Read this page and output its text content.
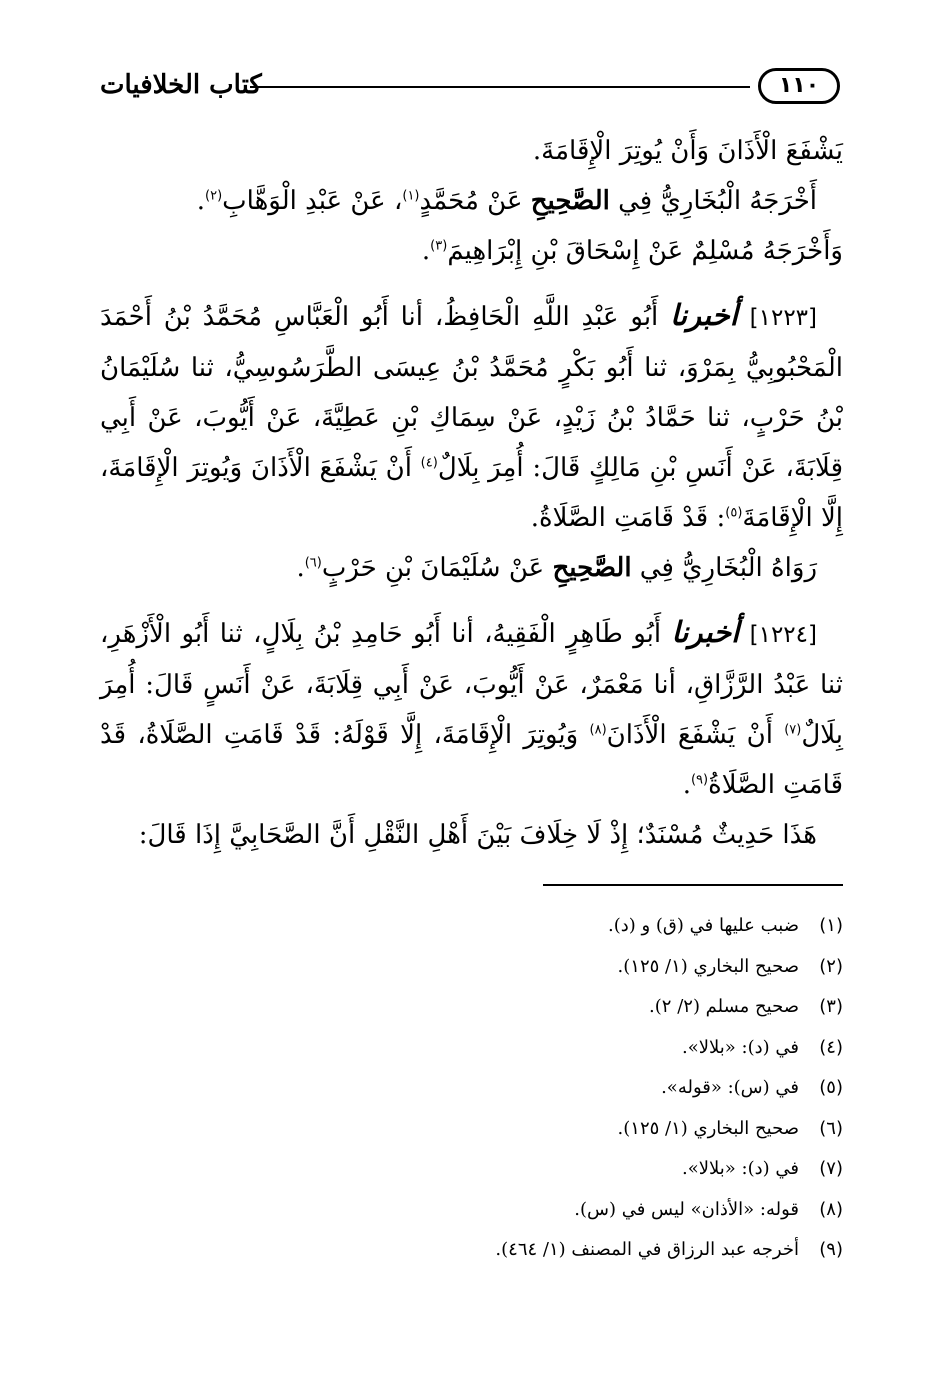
١١٠
كتاب الخلافيات

يَشْفَعَ الْأَذَانَ وَأَنْ يُوتِرَ الْإِقَامَةَ.

أَخْرَجَهُ الْبُخَارِيُّ فِي الصَّحِيحِ عَنْ مُحَمَّدٍ$^{(١)}$، عَنْ عَبْدِ الْوَهَّابِ$^{(٢)}$.

وَأَخْرَجَهُ مُسْلِمٌ عَنْ إِسْحَاقَ بْنِ إِبْرَاهِيمَ$^{(٣)}$.

[١٢٢٣] أخبرنا أَبُو عَبْدِ اللَّهِ الْحَافِظُ، أنا أَبُو الْعَبَّاسِ مُحَمَّدُ بْنُ أَحْمَدَ الْمَحْبُوبِيُّ بِمَرْوَ، ثنا أَبُو بَكْرٍ مُحَمَّدُ بْنُ عِيسَى الطَّرَسُوسِيُّ، ثنا سُلَيْمَانُ بْنُ حَرْبٍ، ثنا حَمَّادُ بْنُ زَيْدٍ، عَنْ سِمَاكِ بْنِ عَطِيَّةَ، عَنْ أَيُّوبَ، عَنْ أَبِي قِلَابَةَ، عَنْ أَنَسِ بْنِ مَالِكٍ قَالَ: أُمِرَ بِلَالٌ$^{(٤)}$ أَنْ يَشْفَعَ الْأَذَانَ وَيُوتِرَ الْإِقَامَةَ، إِلَّا الْإِقَامَةَ$^{(٥)}$: قَدْ قَامَتِ الصَّلَاةُ.

رَوَاهُ الْبُخَارِيُّ فِي الصَّحِيحِ عَنْ سُلَيْمَانَ بْنِ حَرْبٍ$^{(٦)}$.

[١٢٢٤] أخبرنا أَبُو طَاهِرٍ الْفَقِيهُ، أنا أَبُو حَامِدِ بْنُ بِلَالٍ، ثنا أَبُو الْأَزْهَرِ، ثنا عَبْدُ الرَّزَّاقِ، أنا مَعْمَرٌ، عَنْ أَيُّوبَ، عَنْ أَبِي قِلَابَةَ، عَنْ أَنَسٍ قَالَ: أُمِرَ بِلَالٌ$^{(٧)}$ أَنْ يَشْفَعَ الْأَذَانَ$^{(٨)}$ وَيُوتِرَ الْإِقَامَةَ، إِلَّا قَوْلَهُ: قَدْ قَامَتِ الصَّلَاةُ، قَدْ قَامَتِ الصَّلَاةُ$^{(٩)}$.

هَذَا حَدِيثٌ مُسْنَدٌ؛ إِذْ لَا خِلَافَ بَيْنَ أَهْلِ النَّقْلِ أَنَّ الصَّحَابِيَّ إِذَا قَالَ:

(١)ضبب عليها في (ق) و (د).
(٢)صحيح البخاري (١/ ١٢٥).
(٣)صحيح مسلم (٢/ ٢).
(٤)في (د): «بلالا».
(٥)في (س): «قوله».
(٦)صحيح البخاري (١/ ١٢٥).
(٧)في (د): «بلالا».
(٨)قوله: «الأذان» ليس في (س).
(٩)أخرجه عبد الرزاق في المصنف (١/ ٤٦٤).
